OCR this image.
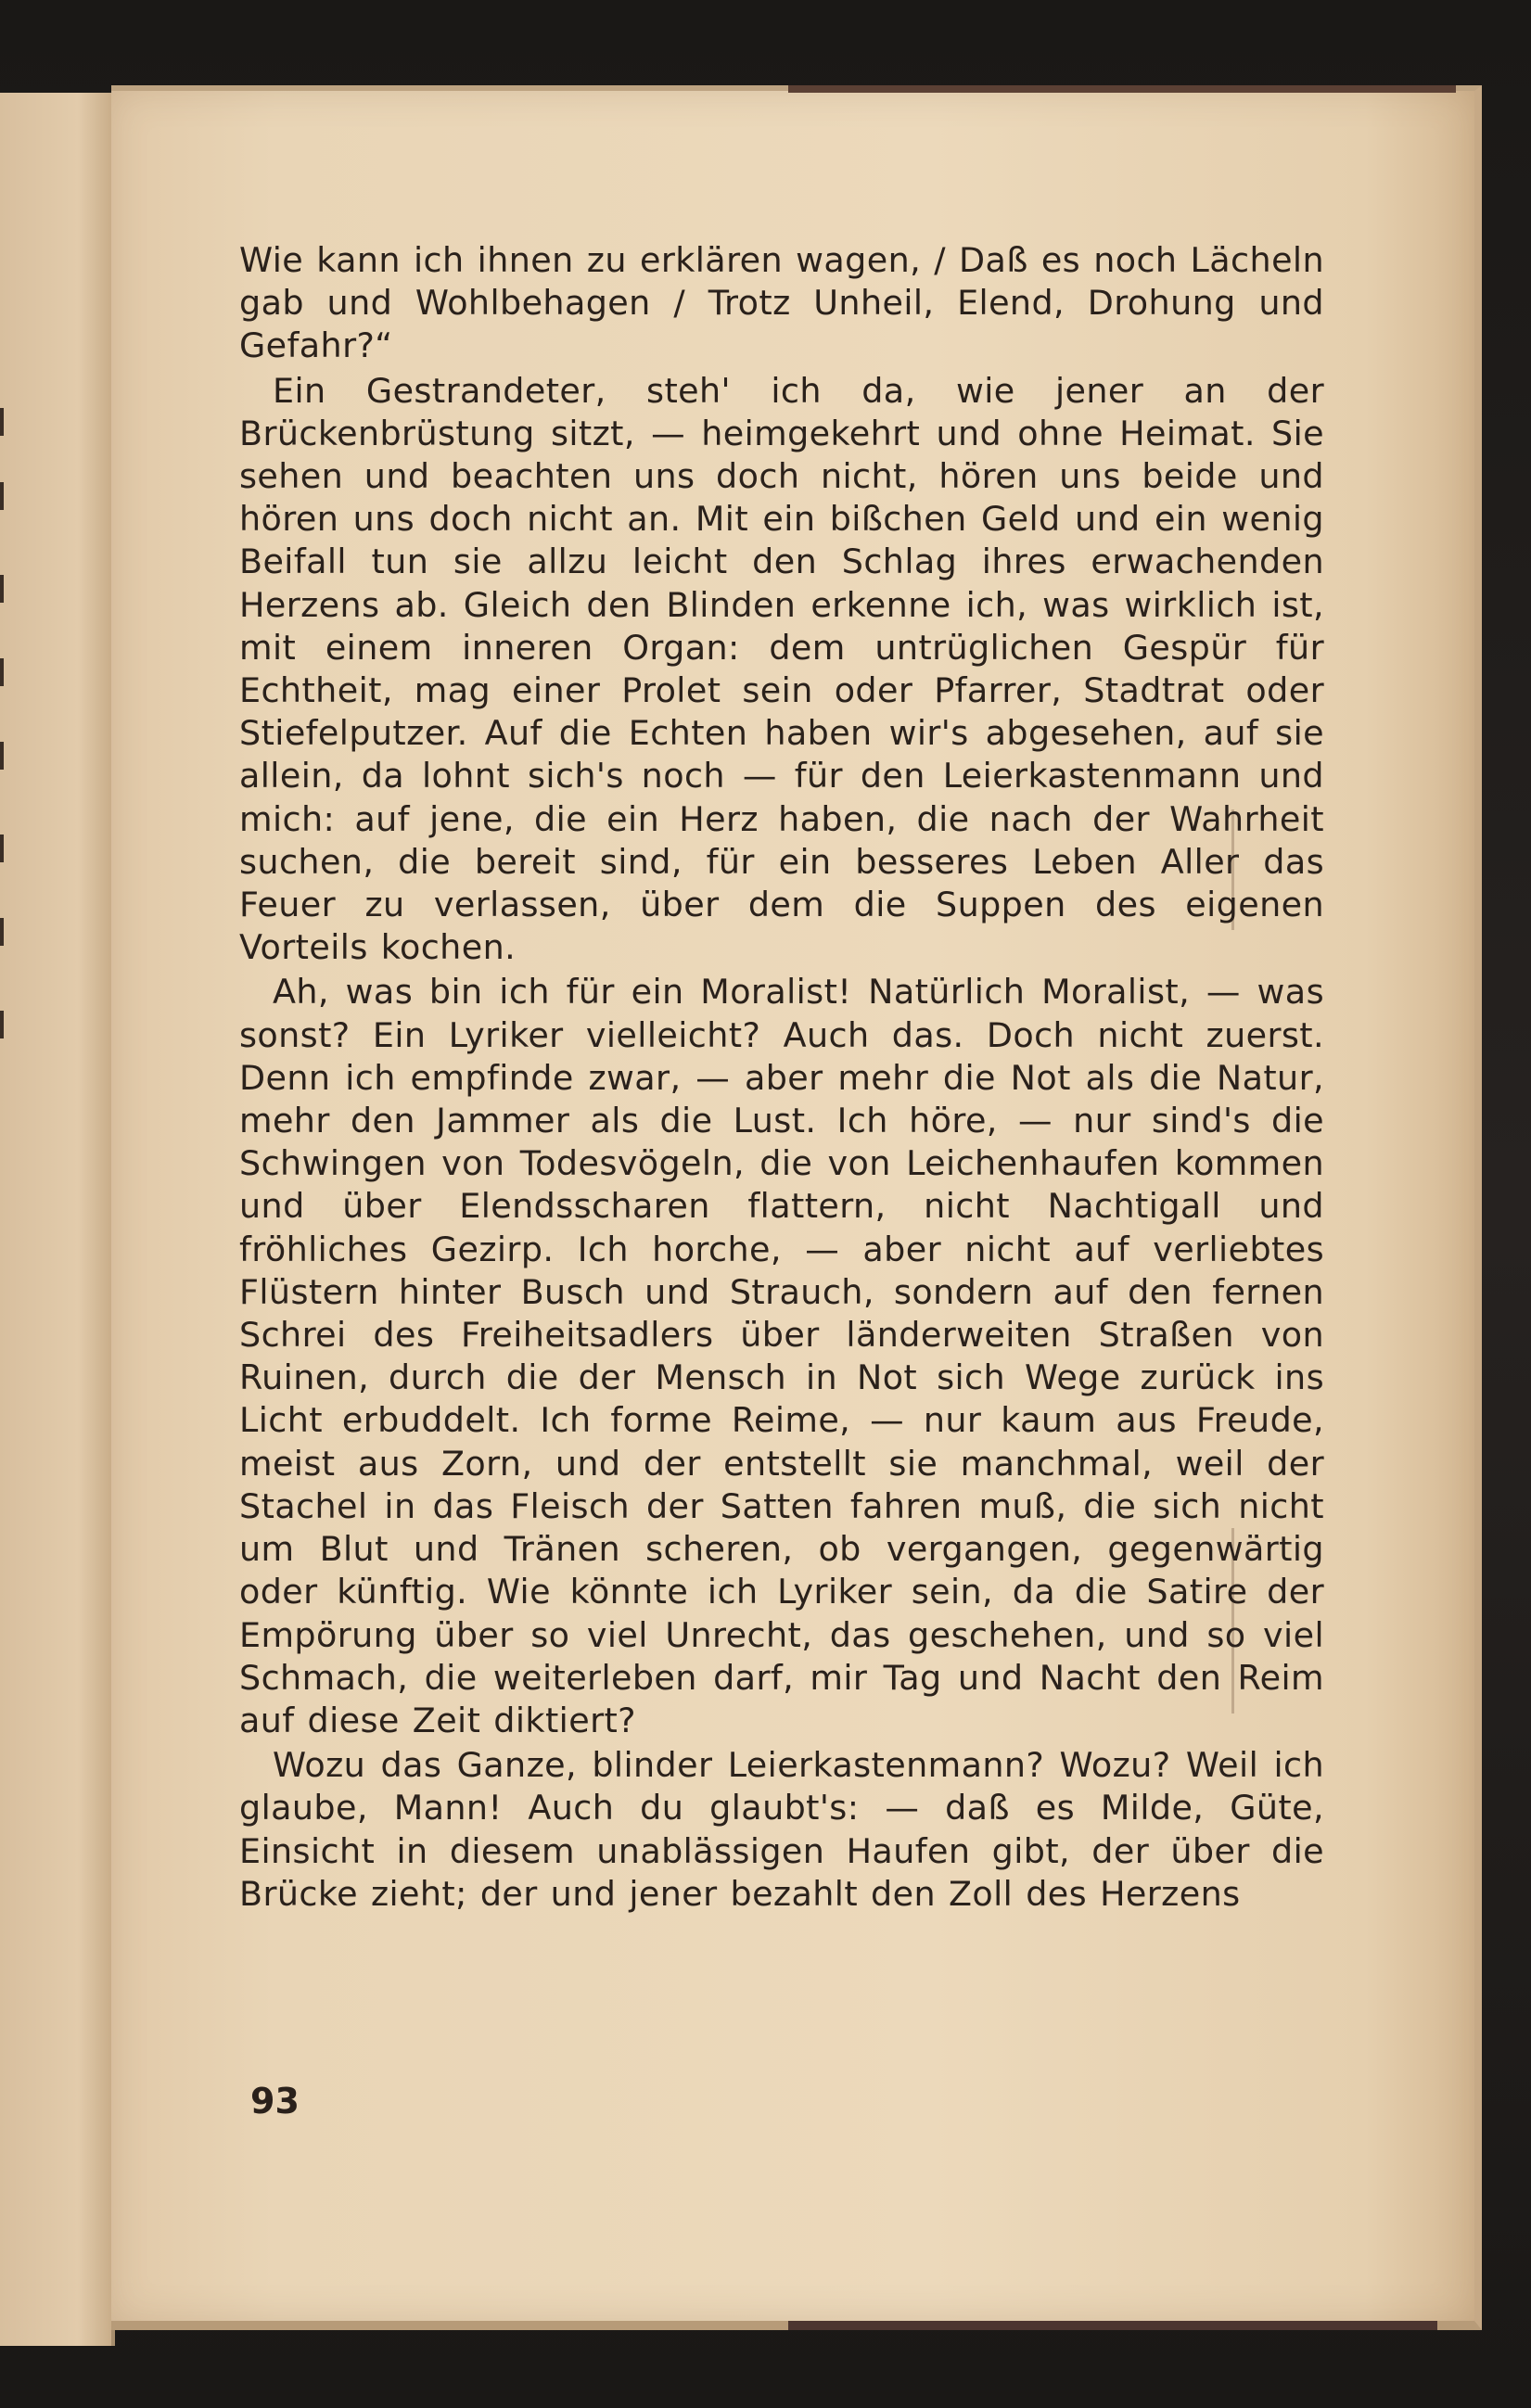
Wie kann ich ihnen zu erklären wagen, / Daß es noch Lächeln gab und Wohlbehagen / Trotz Unheil, Elend, Drohung und Gefahr?“

Ein Gestrandeter, steh' ich da, wie jener an der Brückenbrüstung sitzt, — heimgekehrt und ohne Heimat. Sie sehen und beachten uns doch nicht, hören uns beide und hören uns doch nicht an. Mit ein bißchen Geld und ein wenig Beifall tun sie allzu leicht den Schlag ihres erwachenden Herzens ab. Gleich den Blinden erkenne ich, was wirklich ist, mit einem inneren Organ: dem untrüglichen Gespür für Echtheit, mag einer Prolet sein oder Pfarrer, Stadtrat oder Stiefelputzer. Auf die Echten haben wir's abgesehen, auf sie allein, da lohnt sich's noch — für den Leierkastenmann und mich: auf jene, die ein Herz haben, die nach der Wahrheit suchen, die bereit sind, für ein besseres Leben Aller das Feuer zu verlassen, über dem die Suppen des eigenen Vorteils kochen.

Ah, was bin ich für ein Moralist! Natürlich Moralist, — was sonst? Ein Lyriker vielleicht? Auch das. Doch nicht zuerst. Denn ich empfinde zwar, — aber mehr die Not als die Natur, mehr den Jammer als die Lust. Ich höre, — nur sind's die Schwingen von Todesvögeln, die von Leichenhaufen kommen und über Elendsscharen flattern, nicht Nachtigall und fröhliches Gezirp. Ich horche, — aber nicht auf verliebtes Flüstern hinter Busch und Strauch, sondern auf den fernen Schrei des Freiheitsadlers über länderweiten Straßen von Ruinen, durch die der Mensch in Not sich Wege zurück ins Licht erbuddelt. Ich forme Reime, — nur kaum aus Freude, meist aus Zorn, und der entstellt sie manchmal, weil der Stachel in das Fleisch der Satten fahren muß, die sich nicht um Blut und Tränen scheren, ob vergangen, gegenwärtig oder künftig. Wie könnte ich Lyriker sein, da die Satire der Empörung über so viel Unrecht, das geschehen, und so viel Schmach, die weiterleben darf, mir Tag und Nacht den Reim auf diese Zeit diktiert?

Wozu das Ganze, blinder Leierkastenmann? Wozu? Weil ich glaube, Mann! Auch du glaubt's: — daß es Milde, Güte, Einsicht in diesem unablässigen Haufen gibt, der über die Brücke zieht; der und jener bezahlt den Zoll des Herzens

93
